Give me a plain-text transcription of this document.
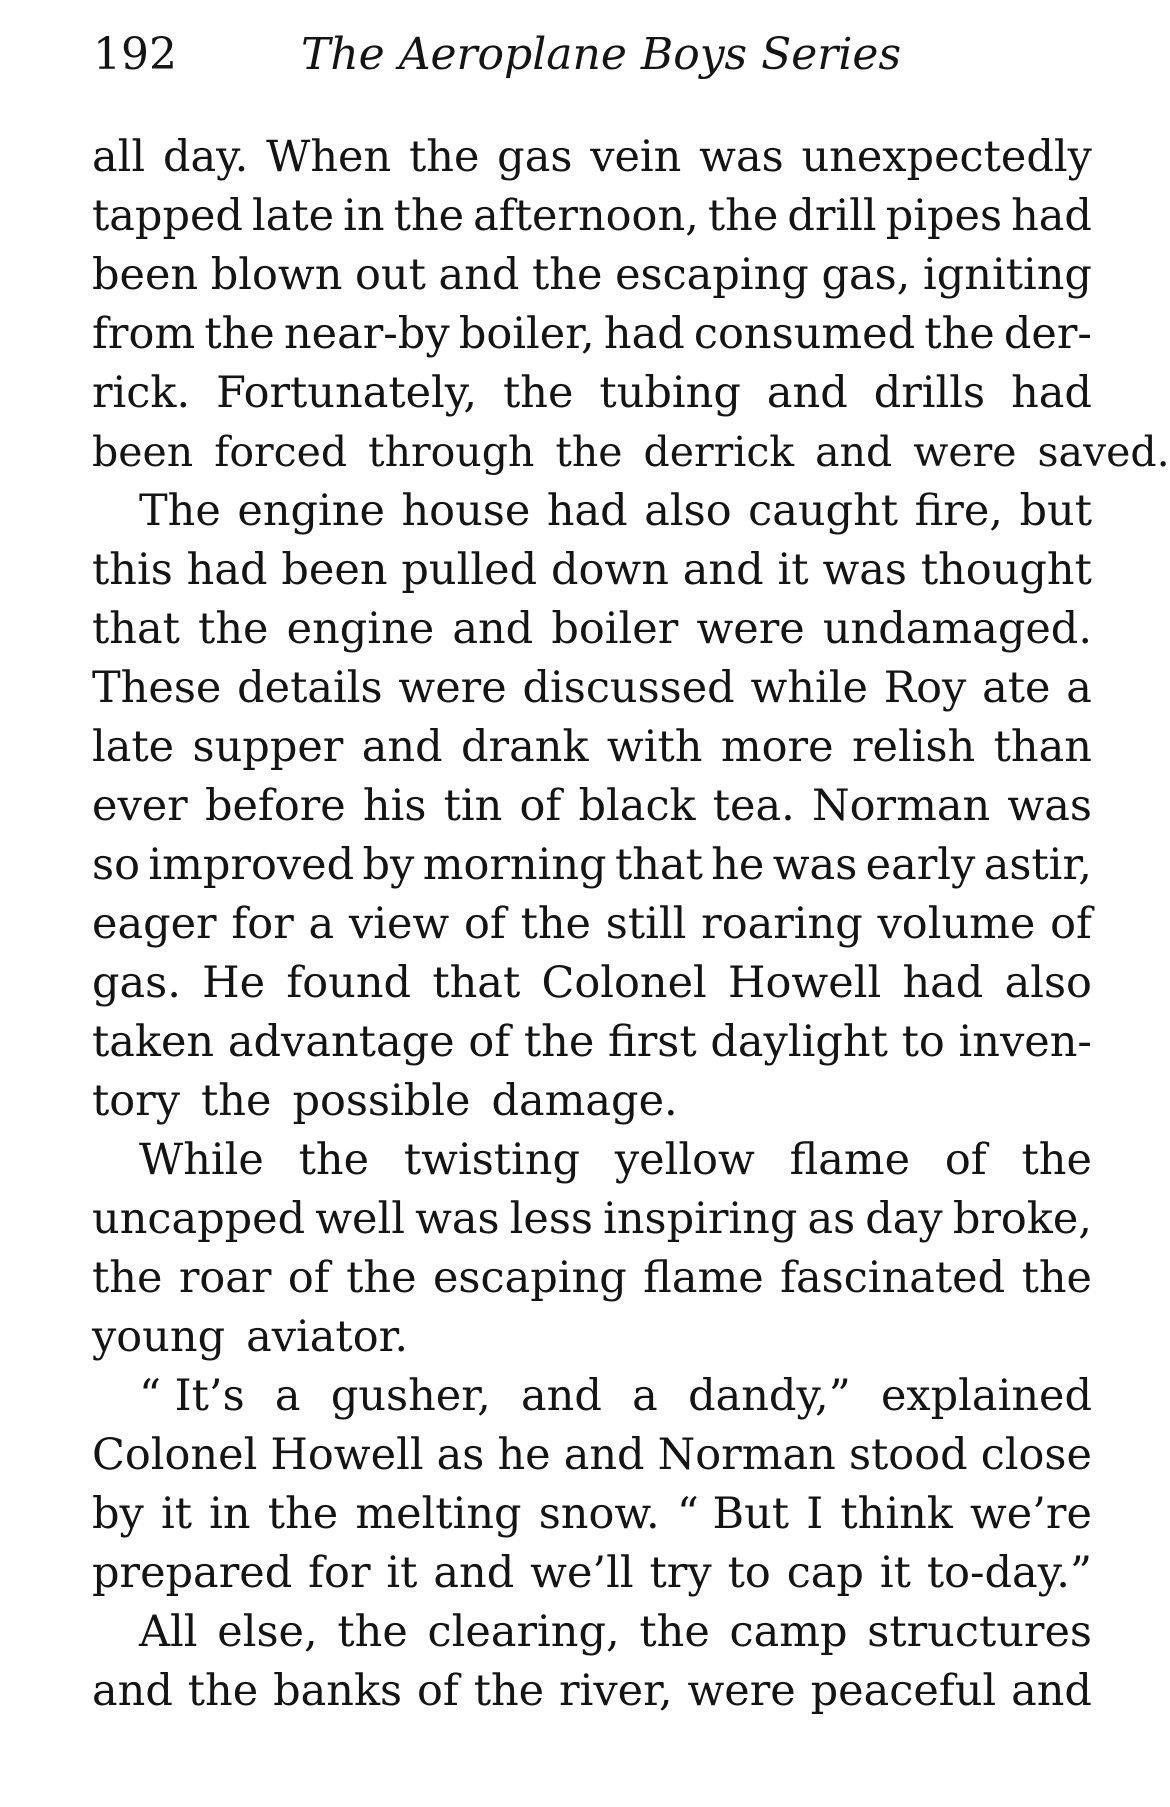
192	The Aeroplane Boys Series
all day. When the gas vein was unexpectedly
tapped late in the afternoon, the drill pipes had
been blown out and the escaping gas, igniting
from the near-by boiler, had consumed the der-
rick. Fortunately, the tubing and drills had
been forced through the derrick and were saved.
The engine house had also caught fire, but
this had been pulled down and it was thought
that the engine and boiler were undamaged.
These details were discussed while Roy ate a
late supper and drank with more relish than
ever before his tin of black tea. Norman was
so improved by morning that he was early astir,
eager for a view of the still roaring volume of
gas. He found that Colonel Howell had also
taken advantage of the first daylight to inven-
tory the possible damage.
While the twisting yellow flame of the
uncapped well was less inspiring as day broke,
the roar of the escaping flame fascinated the
young aviator.
“ It’s a gusher, and a dandy,” explained
Colonel Howell as he and Norman stood close
by it in the melting snow. “ But I think we’re
prepared for it and we’ll try to cap it to-day.”
All else, the clearing, the camp structures
and the banks of the river, were peaceful and
